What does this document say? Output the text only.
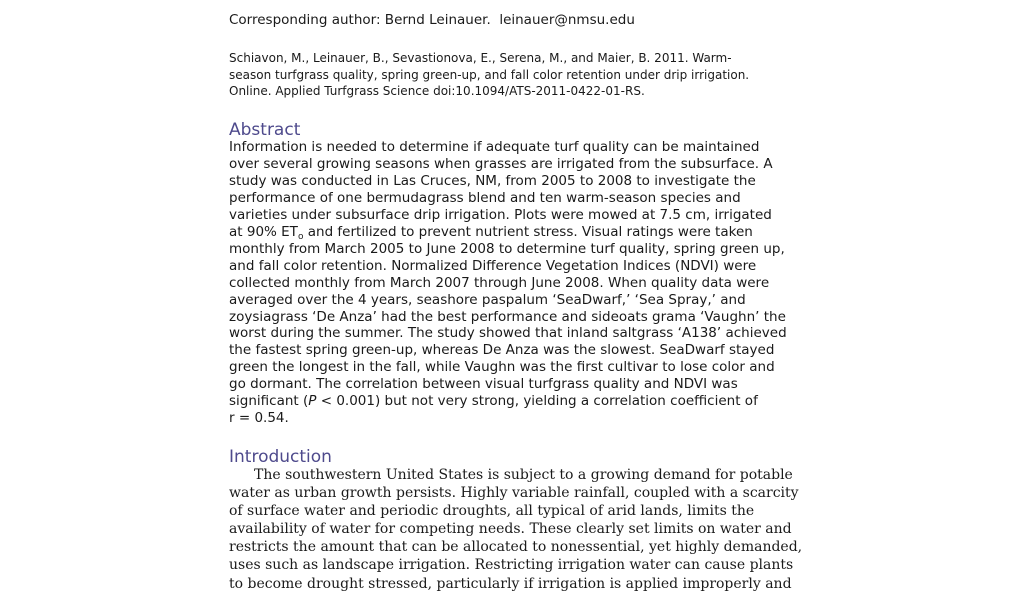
Corresponding author: Bernd Leinauer.  leinauer@nmsu.edu
Schiavon, M., Leinauer, B., Sevastionova, E., Serena, M., and Maier, B. 2011. Warm-
season turfgrass quality, spring green-up, and fall color retention under drip irrigation.
Online. Applied Turfgrass Science doi:10.1094/ATS-2011-0422-01-RS.
Abstract
Information is needed to determine if adequate turf quality can be maintained
over several growing seasons when grasses are irrigated from the subsurface. A
study was conducted in Las Cruces, NM, from 2005 to 2008 to investigate the
performance of one bermudagrass blend and ten warm-season species and
varieties under subsurface drip irrigation. Plots were mowed at 7.5 cm, irrigated
at 90% $ET_o$ and fertilized to prevent nutrient stress. Visual ratings were taken
monthly from March 2005 to June 2008 to determine turf quality, spring green up,
and fall color retention. Normalized Difference Vegetation Indices (NDVI) were
collected monthly from March 2007 through June 2008. When quality data were
averaged over the 4 years, seashore paspalum ‘SeaDwarf,’ ‘Sea Spray,’ and
zoysiagrass ‘De Anza’ had the best performance and sideoats grama ‘Vaughn’ the
worst during the summer. The study showed that inland saltgrass ‘A138’ achieved
the fastest spring green-up, whereas De Anza was the slowest. SeaDwarf stayed
green the longest in the fall, while Vaughn was the first cultivar to lose color and
go dormant. The correlation between visual turfgrass quality and NDVI was
significant (P < 0.001) but not very strong, yielding a correlation coefficient of
r = 0.54.
Introduction
The southwestern United States is subject to a growing demand for potable
water as urban growth persists. Highly variable rainfall, coupled with a scarcity
of surface water and periodic droughts, all typical of arid lands, limits the
availability of water for competing needs. These clearly set limits on water and
restricts the amount that can be allocated to nonessential, yet highly demanded,
uses such as landscape irrigation. Restricting irrigation water can cause plants
to become drought stressed, particularly if irrigation is applied improperly and
